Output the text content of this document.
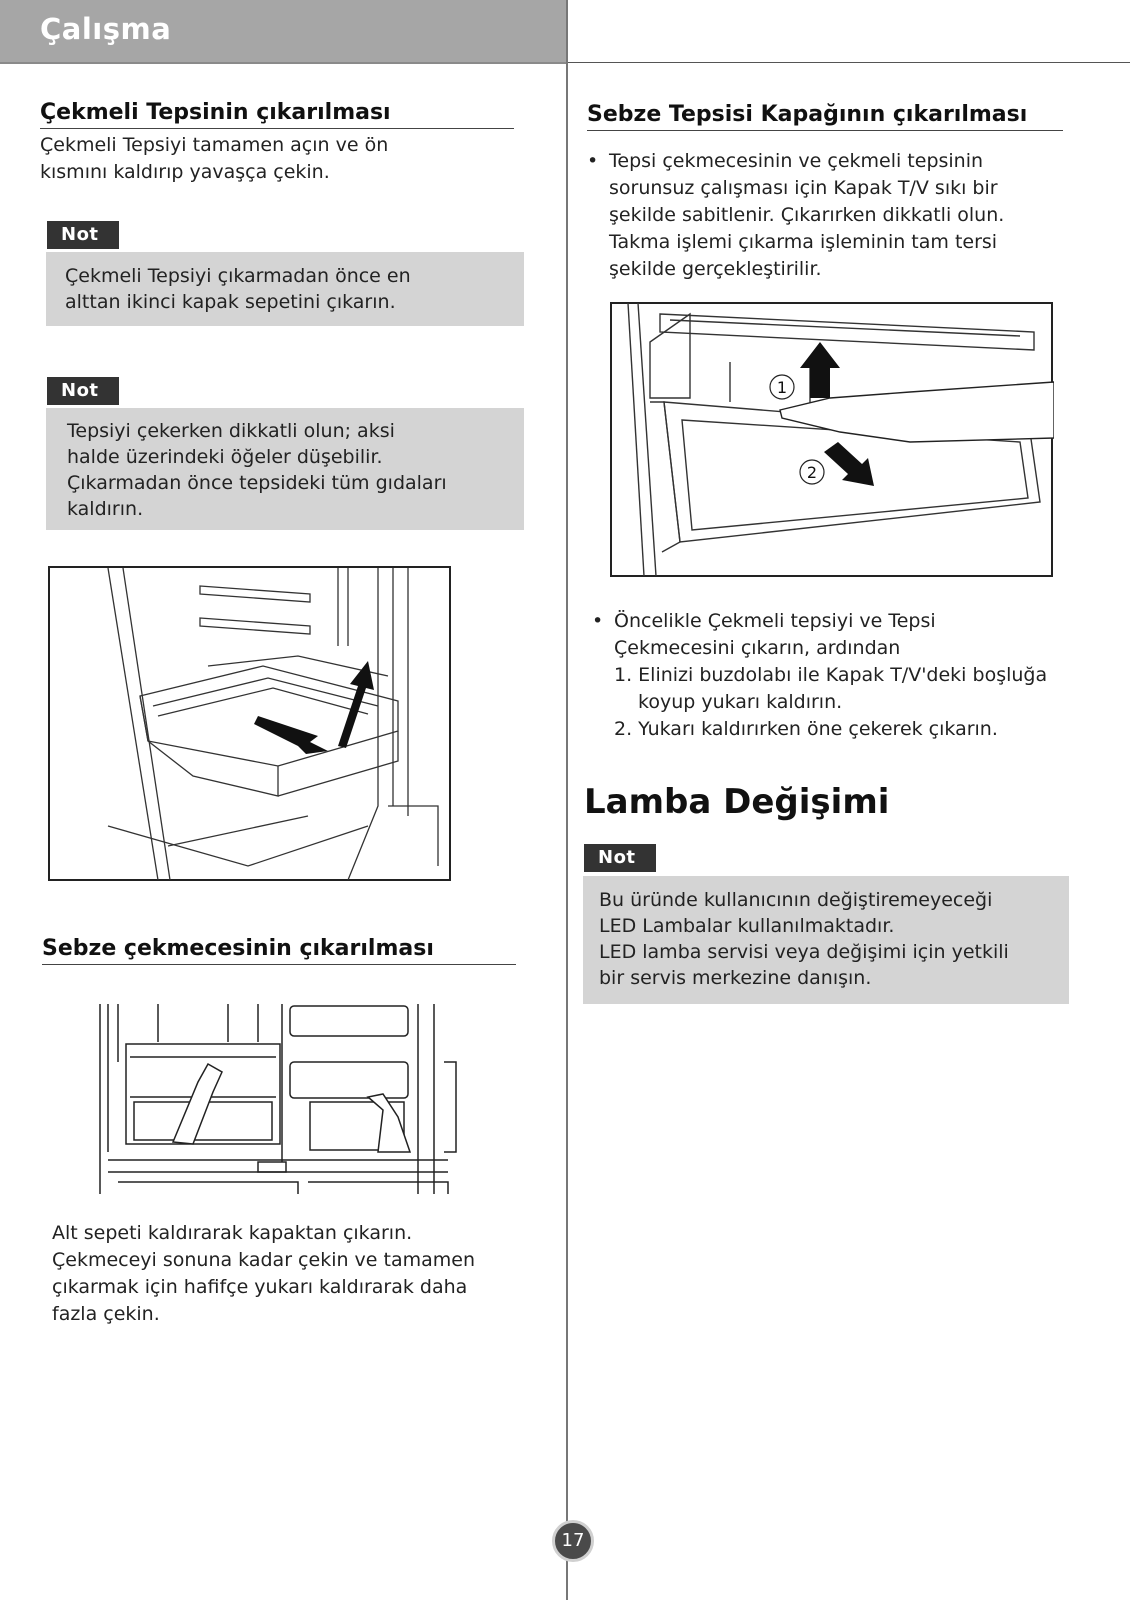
Çalışma
Çekmeli Tepsinin çıkarılması
Çekmeli Tepsiyi tamamen açın ve ön
kısmını kaldırıp yavaşça çekin.
Not
Çekmeli Tepsiyi çıkarmadan önce en
alttan ikinci kapak sepetini çıkarın.
Not
Tepsiyi çekerken dikkatli olun; aksi
halde üzerindeki öğeler düşebilir.
Çıkarmadan önce tepsideki tüm gıdaları
kaldırın.
Sebze çekmecesinin çıkarılması
Alt sepeti kaldırarak kapaktan çıkarın.
Çekmeceyi sonuna kadar çekin ve tamamen
çıkarmak için hafifçe yukarı kaldırarak daha
fazla çekin.
Sebze Tepsisi Kapağının çıkarılması
• Tepsi çekmecesinin ve çekmeli tepsinin
sorunsuz çalışması için Kapak T/V sıkı bir
şekilde sabitlenir. Çıkarırken dikkatli olun.
Takma işlemi çıkarma işleminin tam tersi
şekilde gerçekleştirilir.
1
2
• Öncelikle Çekmeli tepsiyi ve Tepsi
Çekmecesini çıkarın, ardından
1. Elinizi buzdolabı ile Kapak T/V'deki boşluğa
koyup yukarı kaldırın.
2. Yukarı kaldırırken öne çekerek çıkarın.
Lamba Değişimi
Not
Bu üründe kullanıcının değiştiremeyeceği
LED Lambalar kullanılmaktadır.
LED lamba servisi veya değişimi için yetkili
bir servis merkezine danışın.
17
